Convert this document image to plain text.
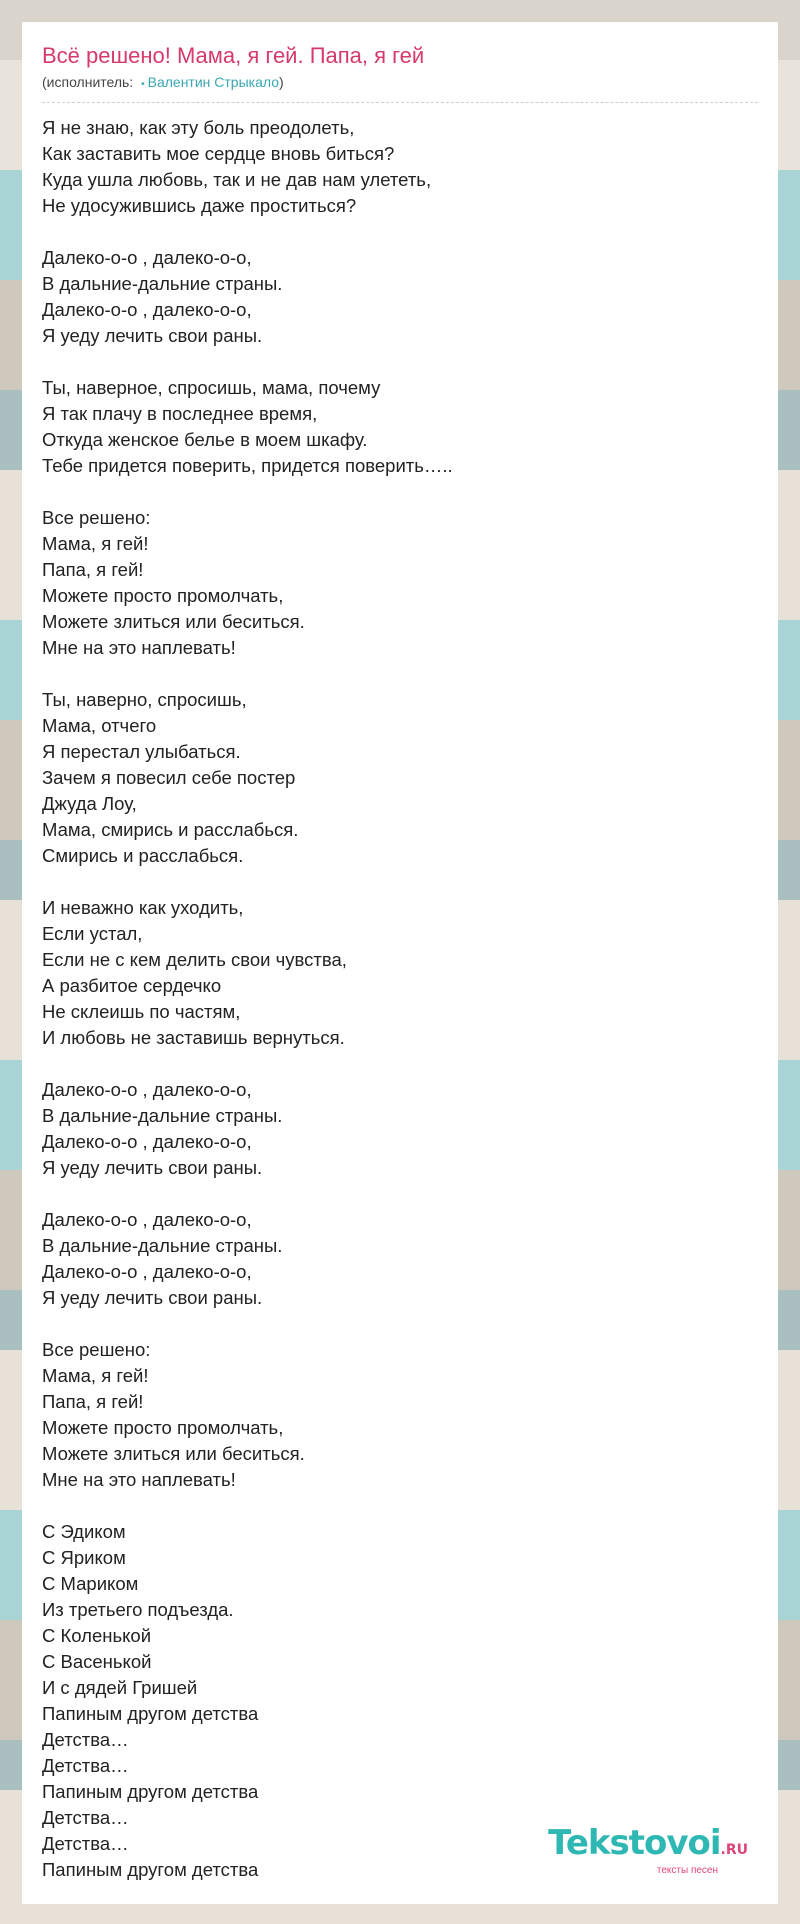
Всё решено! Мама, я гей. Папа, я гей
(исполнитель: • Валентин Стрыкало)
Я не знаю, как эту боль преодолеть,
Как заставить мое сердце вновь биться?
Куда ушла любовь, так и не дав нам улететь,
Не удосужившись даже проститься?
Далеко-о-о , далеко-о-о,
В дальние-дальние страны.
Далеко-о-о , далеко-о-о,
Я уеду лечить свои раны.
Ты, наверное, спросишь, мама, почему
Я так плачу в последнее время,
Откуда женское белье в моем шкафу.
Тебе придется поверить, придется поверить…..
Все решено:
Мама, я гей!
Папа, я гей!
Можете просто промолчать,
Можете злиться или беситься.
Мне на это наплевать!
Ты, наверно, спросишь,
Мама, отчего
Я перестал улыбаться.
Зачем я повесил себе постер
Джуда Лоу,
Мама, смирись и расслабься.
Смирись и расслабься.
И неважно как уходить,
Если устал,
Если не с кем делить свои чувства,
А разбитое сердечко
Не склеишь по частям,
И любовь не заставишь вернуться.
Далеко-о-о , далеко-о-о,
В дальние-дальние страны.
Далеко-о-о , далеко-о-о,
Я уеду лечить свои раны.
Далеко-о-о , далеко-о-о,
В дальние-дальние страны.
Далеко-о-о , далеко-о-о,
Я уеду лечить свои раны.
Все решено:
Мама, я гей!
Папа, я гей!
Можете просто промолчать,
Можете злиться или беситься.
Мне на это наплевать!
С Эдиком
С Яриком
С Мариком
Из третьего подъезда.
С Коленькой
С Васенькой
И с дядей Гришей
Папиным другом детства
Детства…
Детства…
Папиным другом детства
Детства…
Детства…
Папиным другом детства
Tekstovoi.RU
тексты песен
